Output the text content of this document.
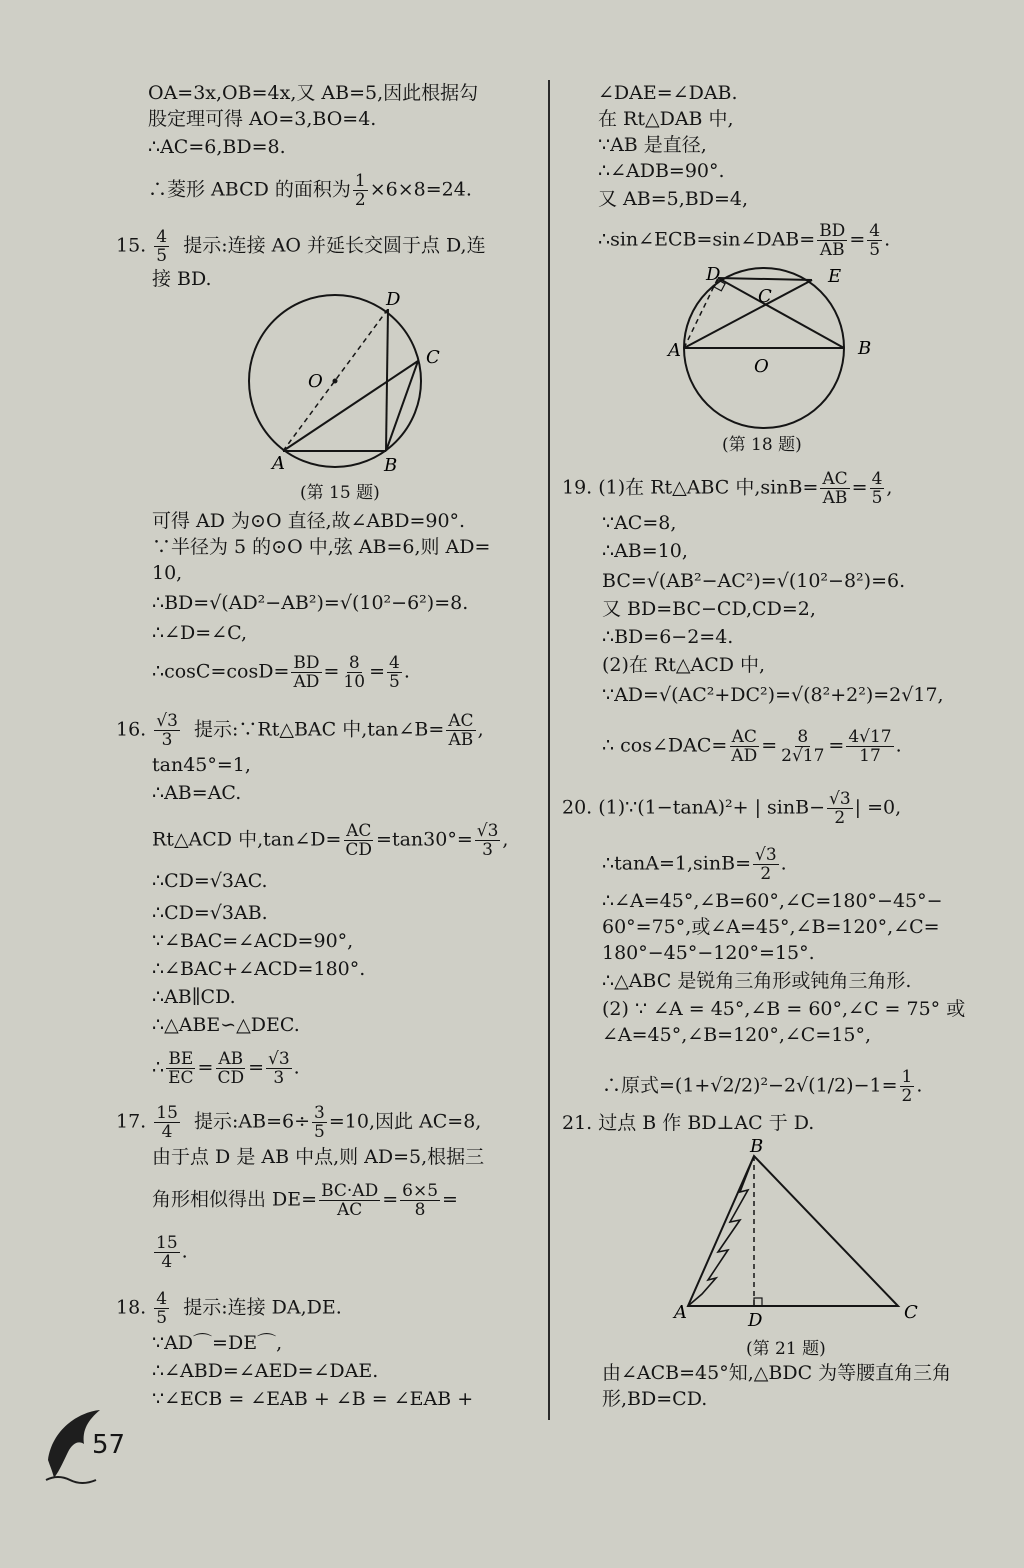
OA=3x,OB=4x,又 AB=5,因此根据勾
股定理可得 AO=3,BO=4.
∴AC=6,BD=8.
∴菱形 ABCD 的面积为 $\frac{1}{2} \times 6\times 8=24$.
15. $\frac{4}{5}$ 提示:连接 AO 并延长交圆于点 D,连
接 BD.
D
C
O
A	B
(第 15 题)
可得 AD 为⊙O 直径,故∠ABD=90°.
∵半径为 5 的⊙O 中,弦 AB=6,则 AD=
10,
∴BD=√(AD²−AB²)=√(10²−6²)=8.
∴∠D=∠C,
∴cosC=cosD= $\frac{BD}{AD} = \frac{8}{10} = \frac{4}{5}$ .
16. $\frac{√3}{3}$ 提示:∵Rt△BAC 中,tan∠B= $\frac{AC}{AB}$ ,
tan45°=1,
∴AB=AC.
Rt△ACD 中,tan∠D= $\frac{AC}{CD} =\tan 30^\circ= \frac{√3}{3}$ ,
∴CD=√3AC.
∴CD=√3AB.
∵∠BAC=∠ACD=90°,
∴∠BAC+∠ACD=180°.
∴AB∥CD.
∴△ABE∽△DEC.
∴ $\frac{BE}{EC} = \frac{AB}{CD} = \frac{√3}{3}$ .
17. $\frac{15}{4}$ 提示:AB=6÷ $\frac{3}{5} =10$,因此 AC=8,
由于点 D 是 AB 中点,则 AD=5,根据三
角形相似得出 $DE= \frac{BC\cdot AD}{AC} = \frac{6\times 5}{8}$ =
$\frac{15}{4}$ .
18. $\frac{4}{5}$ 提示:连接 DA,DE.
∵AD⌒=DE⌒,
∴∠ABD=∠AED=∠DAE.
∵∠ECB = ∠EAB + ∠B = ∠EAB +
∠DAE=∠DAB.
在 Rt△DAB 中,
∵AB 是直径,
∴∠ADB=90°.
又 AB=5,BD=4,
∴sin∠ECB=sin∠DAB= $\frac{BD}{AB} = \frac{4}{5}$ .
D	E
C
A
O
B
(第 18 题)
19. (1)在 Rt△ABC 中$,\sin B= \frac{AC}{AB} = \frac{4}{5}$ ,
∵AC=8,
∴AB=10,
BC=√(AB²−AC²)=√(10²−8²)=6.
又 BD=BC−CD,CD=2,
∴BD=6−2=4.
(2)在 Rt△ACD 中,
∵AD=√(AC²+DC²)=√(8²+2²)=2√17,
∴ cos∠DAC= $\frac{AC}{AD} = \frac{8}{2√17} = \frac{4√17}{17}$ .
20. (1)∵(1−tanA)²+ | $\sin B- \frac{√3}{2}$ | =0,
∴tanA=1,sinB= $\frac{√3}{2}$ .
∴∠A=45°,∠B=60°,∠C=180°−45°−
60°=75°,或∠A=45°,∠B=120°,∠C=
180°−45°−120°=15°.
∴△ABC 是锐角三角形或钝角三角形.
(2) ∵ ∠A = 45°,∠B = 60°,∠C = 75° 或
∠A=45°,∠B=120°,∠C=15°,
∴原式$=(1+√2/2)^2-2√(1/2)-1= \frac{1}{2}$ .
21. 过点 B 作 BD⊥AC 于 D.
B
A	D	C
(第 21 题)
由∠ACB=45°知,△BDC 为等腰直角三角
形,BD=CD.
57
